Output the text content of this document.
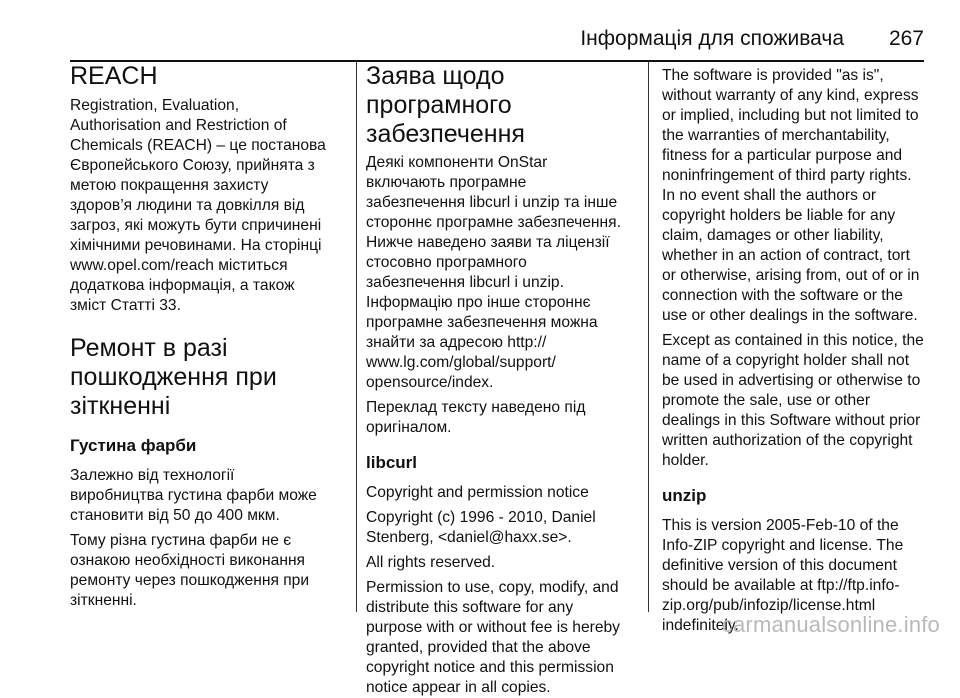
Інформація для споживача 267
REACH

Registration, Evaluation,
Authorisation and Restriction of
Chemicals (REACH) – це постанова
Європейського Союзу, прийнята з
метою покращення захисту
здоров’я людини та довкілля від
загроз, які можуть бути спричинені
хімічними речовинами. На сторінці
www.opel.com/reach міститься
додаткова інформація, а також
зміст Статті 33.

Ремонт в разі
пошкодження при
зіткненні
Густина фарби

Залежно від технології
виробництва густина фарби може
становити від 50 до 400 мкм.

Тому різна густина фарби не є
ознакою необхідності виконання
ремонту через пошкодження при
зіткненні.

Заява щодо програмного
забезпечення

Деякі компоненти OnStar
включають програмне
забезпечення libcurl і unzip та інше
стороннє програмне забезпечення.
Нижче наведено заяви та ліцензії
стосовно програмного
забезпечення libcurl і unzip.
Інформацію про інше стороннє
програмне забезпечення можна
знайти за адресою http://
www.lg.com/global/support/
opensource/index.

Переклад тексту наведено під
оригіналом.

libcurl

Copyright and permission notice

Copyright (c) 1996 - 2010, Daniel
Stenberg, <daniel@haxx.se>.

All rights reserved.

Permission to use, copy, modify, and
distribute this software for any
purpose with or without fee is hereby
granted, provided that the above
copyright notice and this permission
notice appear in all copies.

The software is provided "as is",
without warranty of any kind, express
or implied, including but not limited to
the warranties of merchantability,
fitness for a particular purpose and
noninfringement of third party rights.
In no event shall the authors or
copyright holders be liable for any
claim, damages or other liability,
whether in an action of contract, tort
or otherwise, arising from, out of or in
connection with the software or the
use or other dealings in the software.

Except as contained in this notice, the
name of a copyright holder shall not
be used in advertising or otherwise to
promote the sale, use or other
dealings in this Software without prior
written authorization of the copyright
holder.

unzip

This is version 2005-Feb-10 of the
Info-ZIP copyright and license. The
definitive version of this document
should be available at ftp://ftp.info-
zip.org/pub/infozip/license.html
indefinitely.

carmanualsonline.info
